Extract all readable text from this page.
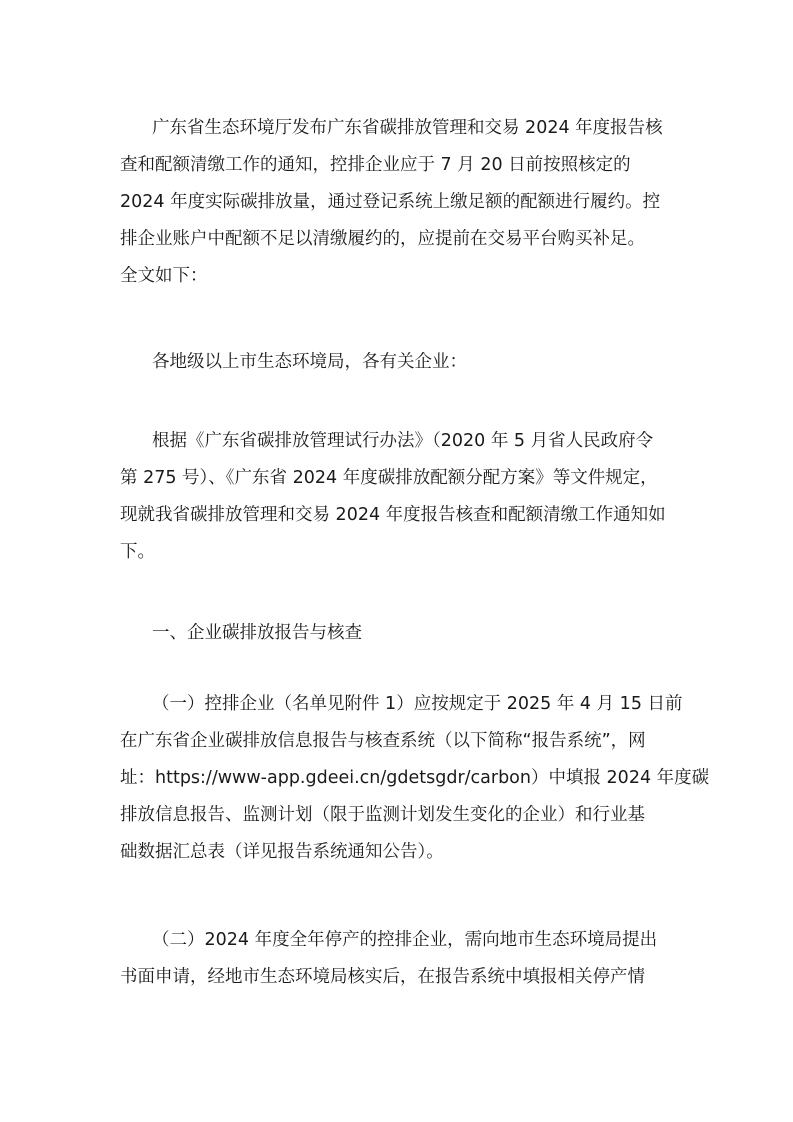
广东省生态环境厅发布广东省碳排放管理和交易 2024 年度报告核
查和配额清缴工作的通知，控排企业应于 7 月 20 日前按照核定的
2024 年度实际碳排放量，通过登记系统上缴足额的配额进行履约。控
排企业账户中配额不足以清缴履约的，应提前在交易平台购买补足。
全文如下：
各地级以上市生态环境局，各有关企业：
根据《广东省碳排放管理试行办法》（2020 年 5 月省人民政府令
第 275 号）、《广东省 2024 年度碳排放配额分配方案》等文件规定，
现就我省碳排放管理和交易 2024 年度报告核查和配额清缴工作通知如
下。
一、企业碳排放报告与核查
（一）控排企业（名单见附件 1）应按规定于 2025 年 4 月 15 日前
在广东省企业碳排放信息报告与核查系统（以下简称“报告系统”，网
址：https://www-app.gdeei.cn/gdetsgdr/carbon）中填报 2024 年度碳
排放信息报告、监测计划（限于监测计划发生变化的企业）和行业基
础数据汇总表（详见报告系统通知公告）。
（二）2024 年度全年停产的控排企业，需向地市生态环境局提出
书面申请，经地市生态环境局核实后，在报告系统中填报相关停产情
